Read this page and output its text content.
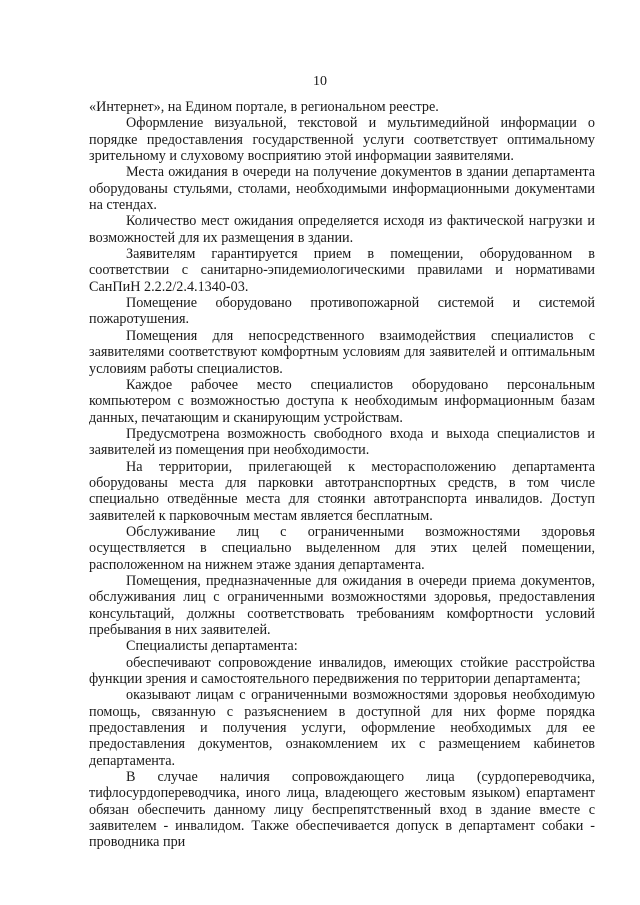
10

«Интернет», на Едином портале, в региональном реестре.

Оформление визуальной, текстовой и мультимедийной информации о порядке предоставления государственной услуги соответствует оптимальному зрительному и слуховому восприятию этой информации заявителями.

Места ожидания в очереди на получение документов в здании департамента оборудованы стульями, столами, необходимыми информационными документами на стендах.

Количество мест ожидания определяется исходя из фактической нагрузки и возможностей для их размещения в здании.

Заявителям гарантируется прием в помещении, оборудованном в соответствии с санитарно-эпидемиологическими правилами и нормативами СанПиН 2.2.2/2.4.1340-03.

Помещение оборудовано противопожарной системой и системой пожаротушения.

Помещения для непосредственного взаимодействия специалистов с заявителями соответствуют комфортным условиям для заявителей и оптимальным условиям работы специалистов.

Каждое рабочее место специалистов оборудовано персональным компьютером с возможностью доступа к необходимым информационным базам данных, печатающим и сканирующим устройствам.

Предусмотрена возможность свободного входа и выхода специалистов и заявителей из помещения при необходимости.

На территории, прилегающей к месторасположению департамента оборудованы места для парковки автотранспортных средств, в том числе специально отведённые места для стоянки автотранспорта инвалидов. Доступ заявителей к парковочным местам является бесплатным.

Обслуживание лиц с ограниченными возможностями здоровья осуществляется в специально выделенном для этих целей помещении, расположенном на нижнем этаже здания департамента.

Помещения, предназначенные для ожидания в очереди приема документов, обслуживания лиц с ограниченными возможностями здоровья, предоставления консультаций, должны соответствовать требованиям комфортности условий пребывания в них заявителей.

Специалисты департамента:

обеспечивают сопровождение инвалидов, имеющих стойкие расстройства функции зрения и самостоятельного передвижения по территории департамента;

оказывают лицам с ограниченными возможностями здоровья необходимую помощь, связанную с разъяснением в доступной для них форме порядка предоставления и получения услуги, оформление необходимых для ее предоставления документов, ознакомлением их с размещением кабинетов департамента.

В случае наличия сопровождающего лица (сурдопереводчика, тифлосурдопереводчика, иного лица, владеющего жестовым языком) епартамент обязан обеспечить данному лицу беспрепятственный вход в здание вместе с заявителем - инвалидом. Также обеспечивается допуск в департамент собаки - проводника при
